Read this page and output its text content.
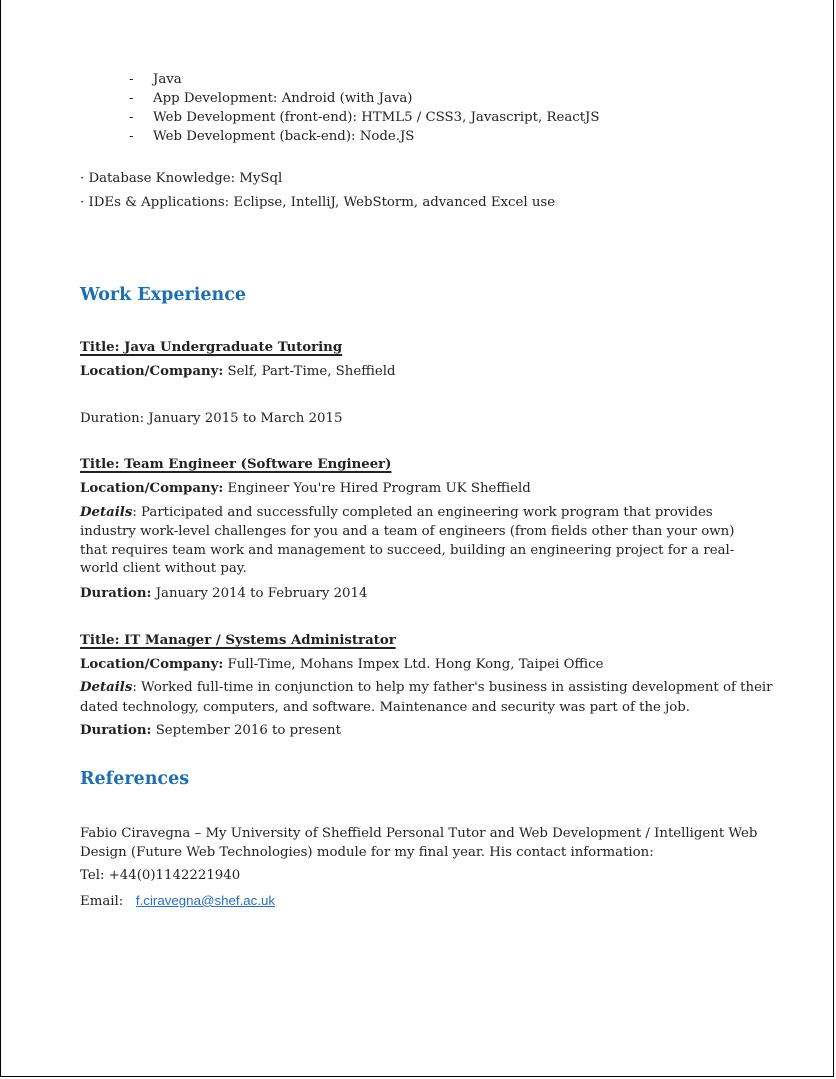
- Java
- App Development: Android (with Java)
- Web Development (front-end): HTML5 / CSS3, Javascript, ReactJS
- Web Development (back-end): Node.JS
· Database Knowledge: MySql
· IDEs & Applications: Eclipse, IntelliJ, WebStorm, advanced Excel use
Work Experience
Title: Java Undergraduate Tutoring
Location/Company: Self, Part-Time, Sheffield
Duration: January 2015 to March 2015
Title: Team Engineer (Software Engineer)
Location/Company: Engineer You're Hired Program UK Sheffield
Details: Participated and successfully completed an engineering work program that provides
industry work-level challenges for you and a team of engineers (from fields other than your own)
that requires team work and management to succeed, building an engineering project for a real-
world client without pay.
Duration: January 2014 to February 2014
Title: IT Manager / Systems Administrator
Location/Company: Full-Time, Mohans Impex Ltd. Hong Kong, Taipei Office
Details: Worked full-time in conjunction to help my father's business in assisting development of their
dated technology, computers, and software. Maintenance and security was part of the job.
Duration: September 2016 to present
References
Fabio Ciravegna – My University of Sheffield Personal Tutor and Web Development / Intelligent Web
Design (Future Web Technologies) module for my final year. His contact information:
Tel: +44(0)1142221940
Email: f.ciravegna@shef.ac.uk
